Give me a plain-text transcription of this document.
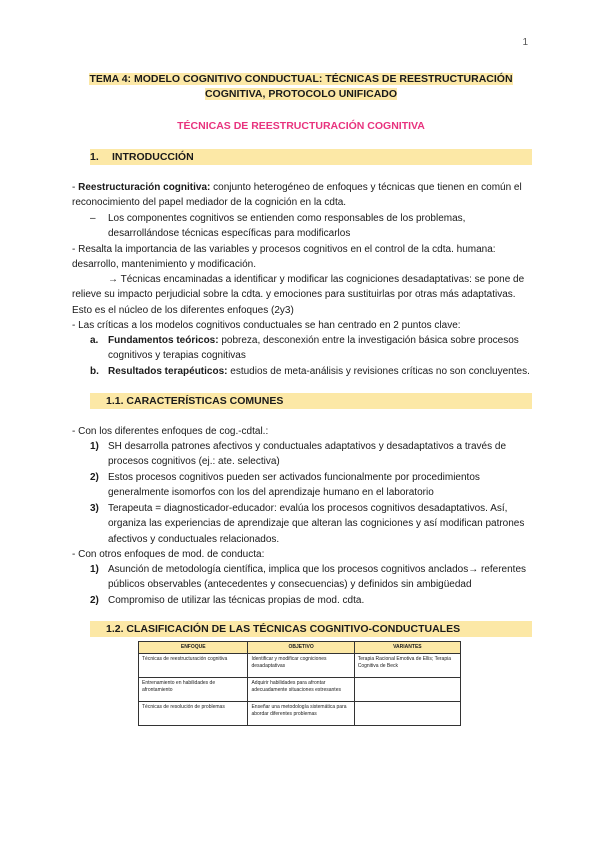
1
TEMA 4: MODELO COGNITIVO CONDUCTUAL: TÉCNICAS DE REESTRUCTURACIÓN COGNITIVA, PROTOCOLO UNIFICADO
TÉCNICAS DE REESTRUCTURACIÓN COGNITIVA
1. INTRODUCCIÓN
- Reestructuración cognitiva: conjunto heterogéneo de enfoques y técnicas que tienen en común el reconocimiento del papel mediador de la cognición en la cdta.
– Los componentes cognitivos se entienden como responsables de los problemas, desarrollándose técnicas específicas para modificarlos
- Resalta la importancia de las variables y procesos cognitivos en el control de la cdta. humana: desarrollo, mantenimiento y modificación.
→ Técnicas encaminadas a identificar y modificar las cogniciones desadaptativas: se pone de relieve su impacto perjudicial sobre la cdta. y emociones para sustituirlas por otras más adaptativas. Esto es el núcleo de los diferentes enfoques (2y3)
- Las críticas a los modelos cognitivos conductuales se han centrado en 2 puntos clave:
a. Fundamentos teóricos: pobreza, desconexión entre la investigación básica sobre procesos cognitivos y terapias cognitivas
b. Resultados terapéuticos: estudios de meta-análisis y revisiones críticas no son concluyentes.
1.1. CARACTERÍSTICAS COMUNES
- Con los diferentes enfoques de cog.-cdtal.:
1) SH desarrolla patrones afectivos y conductuales adaptativos y desadaptativos a través de procesos cognitivos (ej.: ate. selectiva)
2) Estos procesos cognitivos pueden ser activados funcionalmente por procedimientos generalmente isomorfos con los del aprendizaje humano en el laboratorio
3) Terapeuta = diagnosticador-educador: evalúa los procesos cognitivos desadaptativos. Así, organiza las experiencias de aprendizaje que alteran las cogniciones y así modifican patrones afectivos y conductuales relacionados.
- Con otros enfoques de mod. de conducta:
1) Asunción de metodología científica, implica que los procesos cognitivos anclados→ referentes públicos observables (antecedentes y consecuencias) y definidos sin ambigüedad
2) Compromiso de utilizar las técnicas propias de mod. cdta.
1.2. CLASIFICACIÓN DE LAS TÉCNICAS COGNITIVO-CONDUCTUALES
ENFOQUE	OBJETIVO	VARIANTES
Técnicas de reestructuración cognitiva	Identificar y modificar cogniciones desadaptativas	Terapia Racional Emotiva de Ellis; Terapia Cognitiva de Beck
Entrenamiento en habilidades de afrontamiento	Adquirir habilidades para afrontar adecuadamente situaciones estresantes	
Técnicas de resolución de problemas	Enseñar una metodología sistemática para abordar diferentes problemas	
